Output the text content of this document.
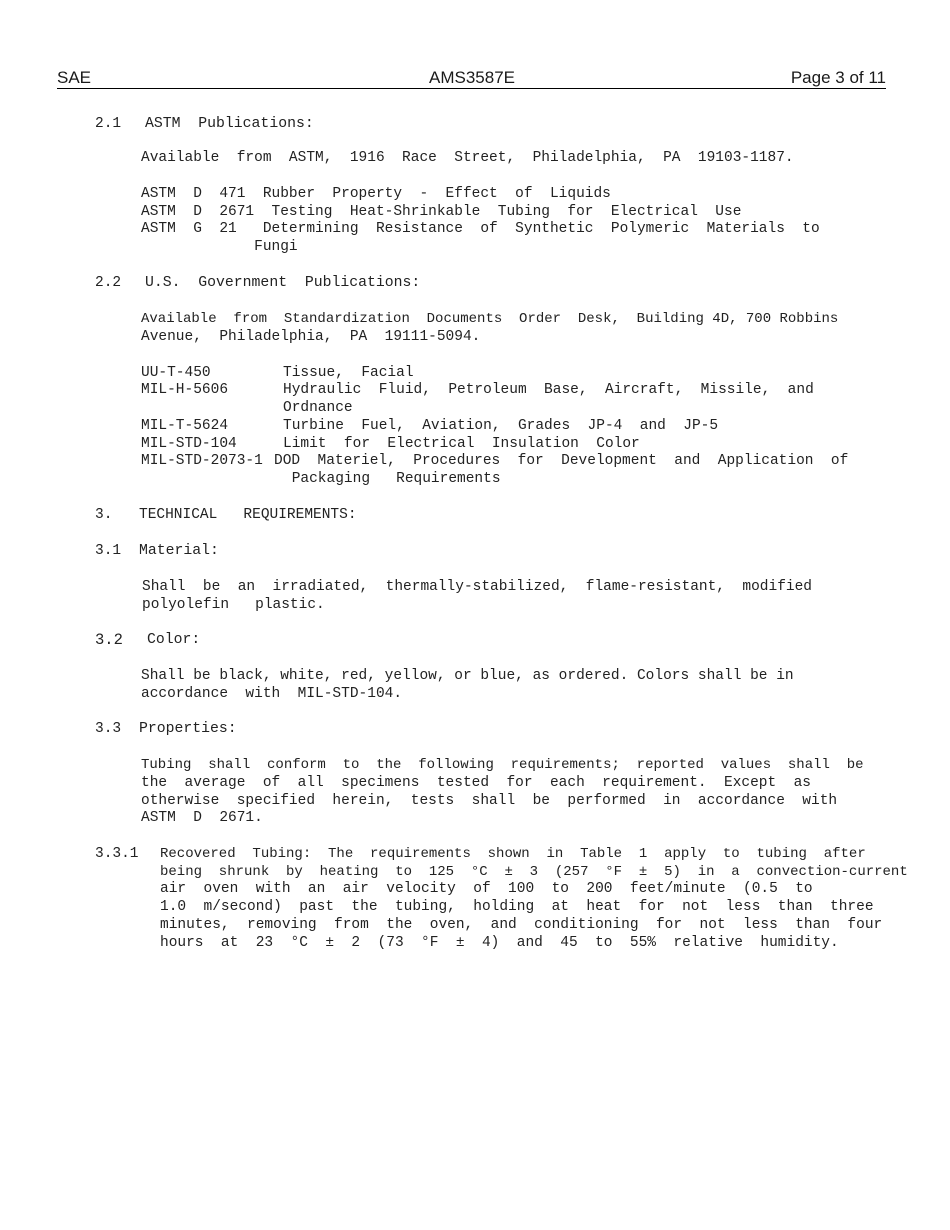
SAE	AMS3587E	Page 3 of 11
2.1 ASTM  Publications:
Available  from  ASTM,  1916  Race  Street,  Philadelphia,  PA  19103-1187.
ASTM  D  471  Rubber  Property  -  Effect  of  Liquids
ASTM  D  2671  Testing  Heat-Shrinkable  Tubing  for  Electrical  Use
ASTM  G  21   Determining  Resistance  of  Synthetic  Polymeric  Materials  to
Fungi
2.2 U.S.  Government  Publications:
Available  from  Standardization  Documents  Order  Desk,  Building 4D, 700 Robbins
Avenue,  Philadelphia,  PA  19111-5094.
UU-T-450	Tissue,  Facial
MIL-H-5606	Hydraulic  Fluid,  Petroleum  Base,  Aircraft,  Missile,  and
Ordnance
MIL-T-5624	Turbine  Fuel,  Aviation,  Grades  JP-4  and  JP-5
MIL-STD-104	Limit  for  Electrical  Insulation  Color
MIL-STD-2073-1 DOD  Materiel,  Procedures  for  Development  and  Application  of
Packaging   Requirements
3. TECHNICAL   REQUIREMENTS:
3.1 Material:
Shall  be  an  irradiated,  thermally-stabilized,  flame-resistant,  modified
polyolefin   plastic.
3.2 Color:
Shall be black, white, red, yellow, or blue, as ordered. Colors shall be in
accordance  with  MIL-STD-104.
3.3 Properties:
Tubing  shall  conform  to  the  following  requirements;  reported  values  shall  be
the  average  of  all  specimens  tested  for  each  requirement.  Except  as
otherwise  specified  herein,  tests  shall  be  performed  in  accordance  with
ASTM  D  2671.
3.3.1 Recovered  Tubing:  The  requirements  shown  in  Table  1  apply  to  tubing  after
being  shrunk  by  heating  to  125  °C  ±  3  (257  °F  ±  5)  in  a  convection-current
air  oven  with  an  air  velocity  of  100  to  200  feet/minute  (0.5  to
1.0  m/second)  past  the  tubing,  holding  at  heat  for  not  less  than  three
minutes,  removing  from  the  oven,  and  conditioning  for  not  less  than  four
hours  at  23  °C  ±  2  (73  °F  ±  4)  and  45  to  55%  relative  humidity.
